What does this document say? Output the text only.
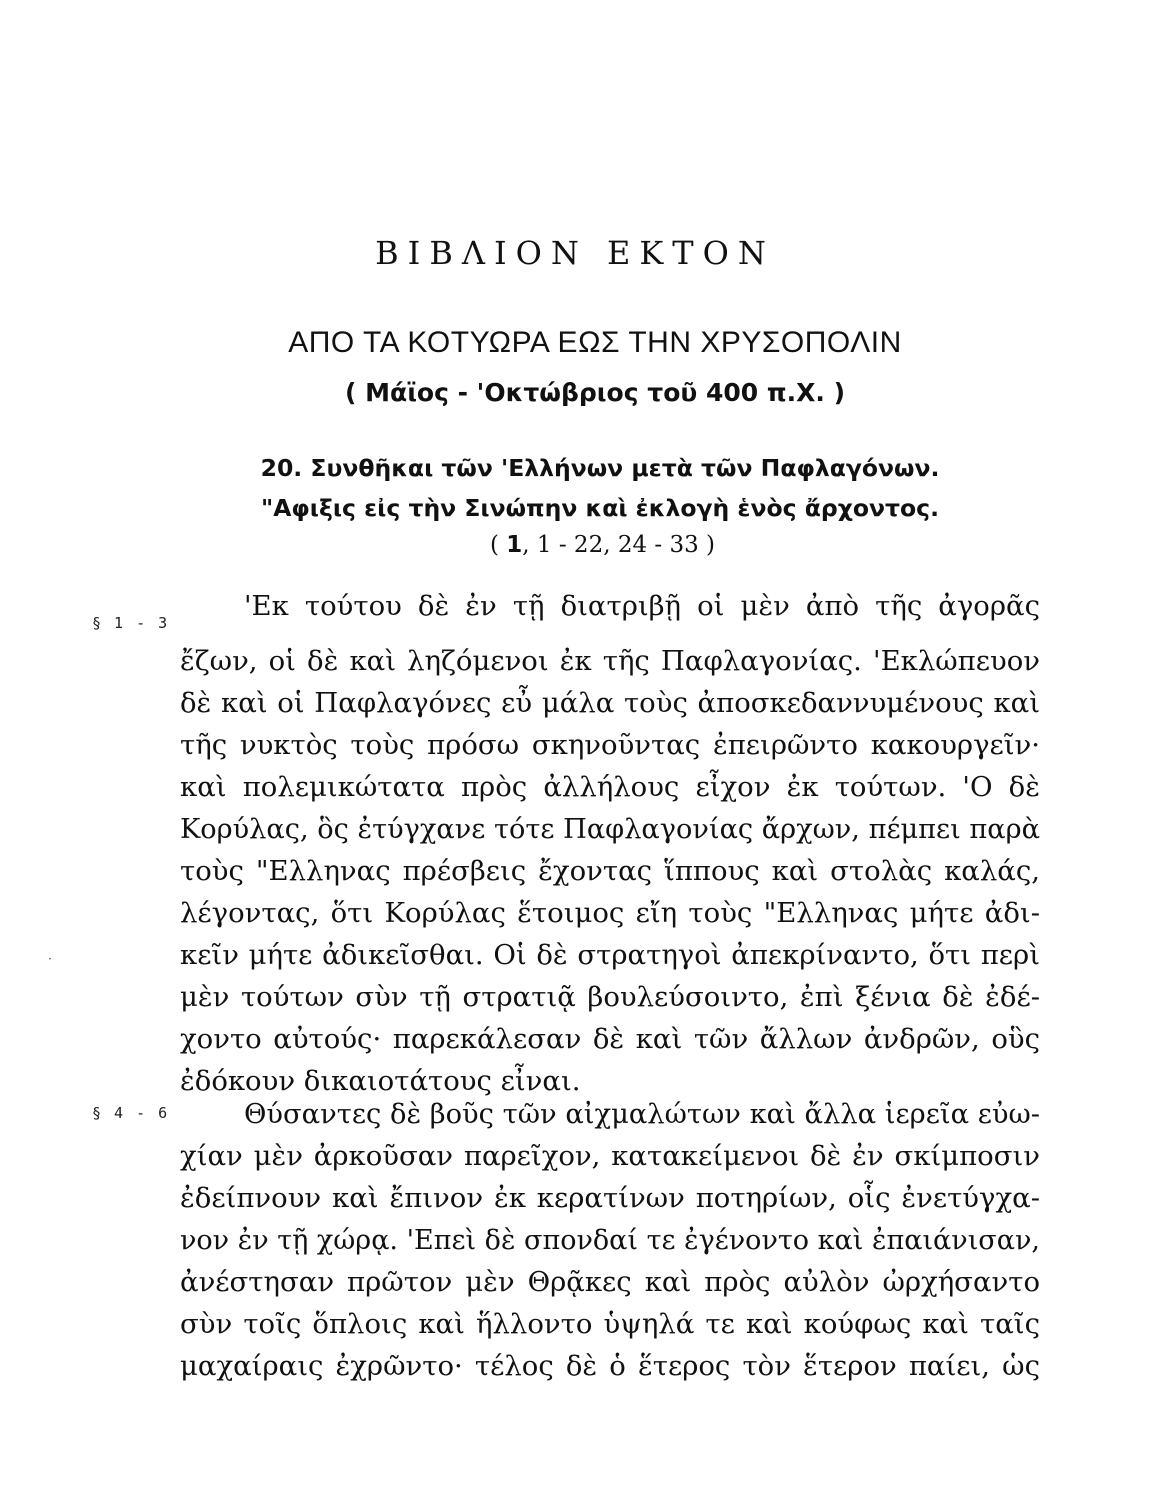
ΒΙΒΛΙΟΝ ΕΚΤΟΝ
ΑΠΟ ΤΑ ΚΟΤΥΩΡΑ ΕΩΣ ΤΗΝ ΧΡΥΣΟΠΟΛΙΝ
( Μάϊος - 'Οκτώβριος τοῦ 400 π.Χ. )
20. Συνθῆκαι τῶν 'Ελλήνων μετὰ τῶν Παφλαγόνων.
"Αφιξις εἰς τὴν Σινώπην καὶ ἐκλογὴ ἑνὸς ἄρχοντος.
( 1, 1 - 22, 24 - 33 )
§ 1 - 3
'Εκ τούτου δὲ ἐν τῇ διατριβῇ οἱ μὲν ἀπὸ τῆς ἀγορᾶς
ἔζων, οἱ δὲ καὶ ληζόμενοι ἐκ τῆς Παφλαγονίας. 'Εκλώπευον
δὲ καὶ οἱ Παφλαγόνες εὖ μάλα τοὺς ἀποσκεδαννυμένους καὶ
τῆς νυκτὸς τοὺς πρόσω σκηνοῦντας ἐπειρῶντο κακουργεῖν·
καὶ πολεμικώτατα πρὸς ἀλλήλους εἶχον ἐκ τούτων. 'Ο δὲ
Κορύλας, ὃς ἐτύγχανε τότε Παφλαγονίας ἄρχων, πέμπει παρὰ
τοὺς "Ελληνας πρέσβεις ἔχοντας ἵππους καὶ στολὰς καλάς,
λέγοντας, ὅτι Κορύλας ἕτοιμος εἴη τοὺς "Ελληνας μήτε ἀδι-
κεῖν μήτε ἀδικεῖσθαι. Οἱ δὲ στρατηγοὶ ἀπεκρίναντο, ὅτι περὶ
μὲν τούτων σὺν τῇ στρατιᾷ βουλεύσοιντο, ἐπὶ ξένια δὲ ἐδέ-
χοντο αὐτούς· παρεκάλεσαν δὲ καὶ τῶν ἄλλων ἀνδρῶν, οὓς
ἐδόκουν δικαιοτάτους εἶναι.
·
§ 4 - 6	Θύσαντες δὲ βοῦς τῶν αἰχμαλώτων καὶ ἄλλα ἱερεῖα εὐω-
χίαν μὲν ἀρκοῦσαν παρεῖχον, κατακείμενοι δὲ ἐν σκίμποσιν
ἐδείπνουν καὶ ἔπινον ἐκ κερατίνων ποτηρίων, οἷς ἐνετύγχα-
νον ἐν τῇ χώρᾳ. 'Επεὶ δὲ σπονδαί τε ἐγένοντο καὶ ἐπαιάνισαν,
ἀνέστησαν πρῶτον μὲν Θρᾷκες καὶ πρὸς αὐλὸν ὠρχήσαντο
σὺν τοῖς ὅπλοις καὶ ἥλλοντο ὑψηλά τε καὶ κούφως καὶ ταῖς
μαχαίραις ἐχρῶντο· τέλος δὲ ὁ ἕτερος τὸν ἕτερον παίει, ὡς
